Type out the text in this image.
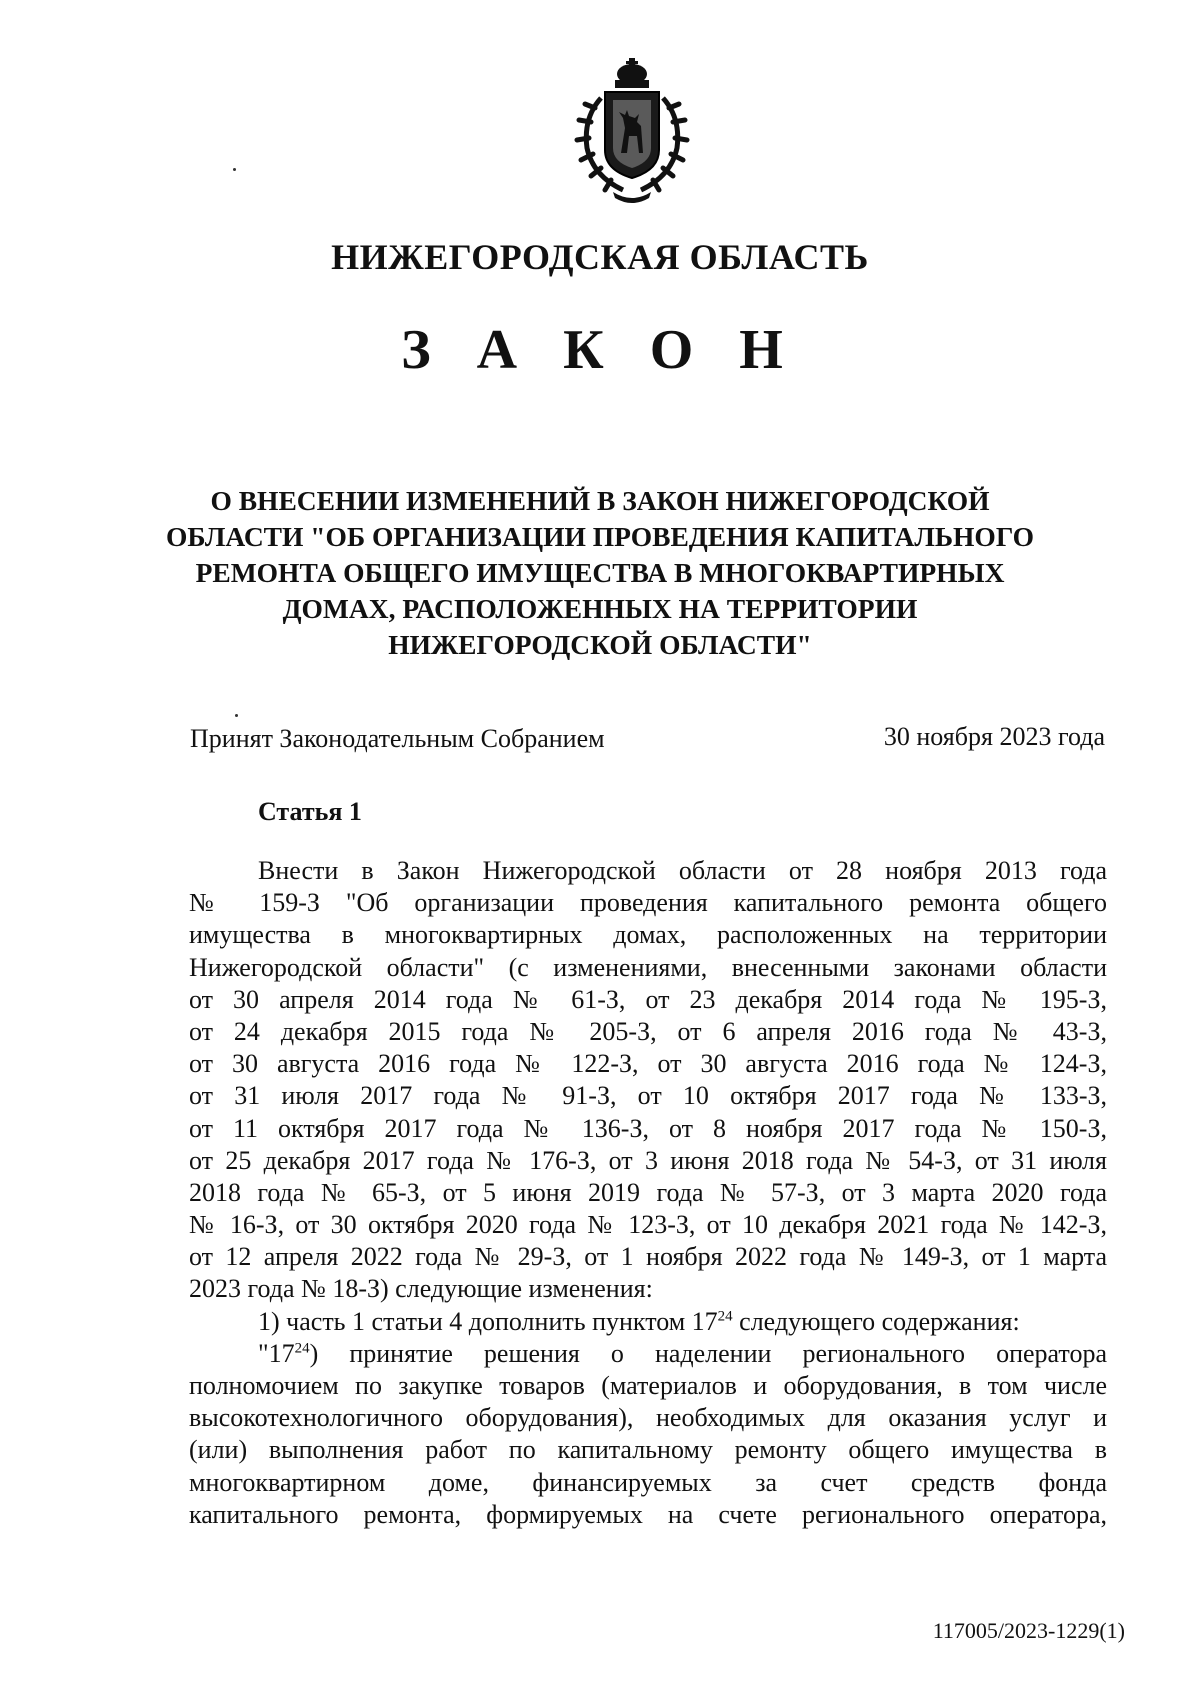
НИЖЕГОРОДСКАЯ ОБЛАСТЬ
З А К О Н
О ВНЕСЕНИИ ИЗМЕНЕНИЙ В ЗАКОН НИЖЕГОРОДСКОЙ
ОБЛАСТИ "ОБ ОРГАНИЗАЦИИ ПРОВЕДЕНИЯ КАПИТАЛЬНОГО
РЕМОНТА ОБЩЕГО ИМУЩЕСТВА В МНОГОКВАРТИРНЫХ
ДОМАХ, РАСПОЛОЖЕННЫХ НА ТЕРРИТОРИИ
НИЖЕГОРОДСКОЙ ОБЛАСТИ"
Принят Законодательным Собранием	30 ноября 2023 года
Статья 1
Внести в Закон Нижегородской области от 28 ноября 2013 года
№ 159-З "Об организации проведения капитального ремонта общего
имущества в многоквартирных домах, расположенных на территории
Нижегородской области" (с изменениями, внесенными законами области
от 30 апреля 2014 года № 61-З, от 23 декабря 2014 года № 195-З,
от 24 декабря 2015 года № 205-З, от 6 апреля 2016 года № 43-З,
от 30 августа 2016 года № 122-З, от 30 августа 2016 года № 124-З,
от 31 июля 2017 года № 91-З, от 10 октября 2017 года № 133-З,
от 11 октября 2017 года № 136-З, от 8 ноября 2017 года № 150-З,
от 25 декабря 2017 года № 176-З, от 3 июня 2018 года № 54-З, от 31 июля
2018 года № 65-З, от 5 июня 2019 года № 57-З, от 3 марта 2020 года
№ 16-З, от 30 октября 2020 года № 123-З, от 10 декабря 2021 года № 142-З,
от 12 апреля 2022 года № 29-З, от 1 ноября 2022 года № 149-З, от 1 марта
2023 года № 18-З) следующие изменения:
1) часть 1 статьи 4 дополнить пунктом $17^{24}$ следующего содержания:
"$17^{24}$) принятие решения о наделении регионального оператора
полномочием по закупке товаров (материалов и оборудования, в том числе
высокотехнологичного оборудования), необходимых для оказания услуг и
(или) выполнения работ по капитальному ремонту общего имущества в
многоквартирном доме, финансируемых за счет средств фонда
капитального ремонта, формируемых на счете регионального оператора,
117005/2023-1229(1)
